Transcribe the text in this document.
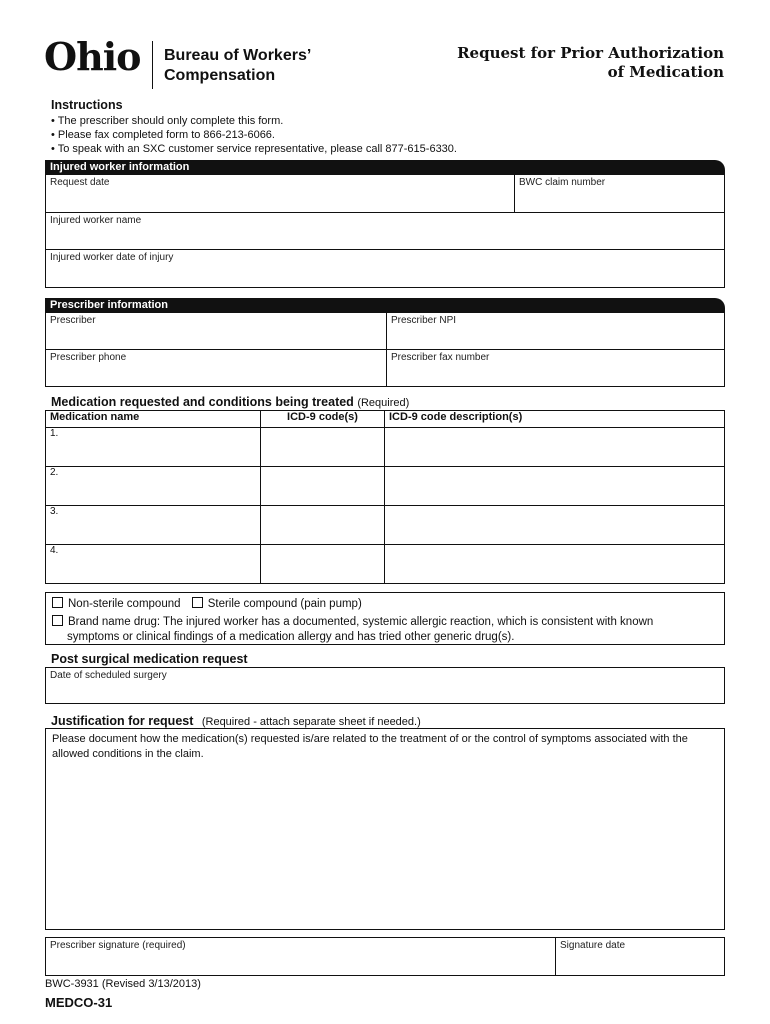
Ohio Bureau of Workers’
Compensation
Request for Prior Authorization
of Medication
Instructions
• The prescriber should only complete this form.
• Please fax completed form to 866-213-6066.
• To speak with an SXC customer service representative, please call 877-615-6330.
Injured worker information
Request date	BWC claim number
Injured worker name
Injured worker date of injury
Prescriber information
Prescriber	Prescriber NPI
Prescriber phone	Prescriber fax number
Medication requested and conditions being treated (Required)
Medication name	ICD-9 code(s)	ICD-9 code description(s)
1.		
2.		
3.		
4.		
Non-sterile compound Sterile compound (pain pump)
Brand name drug: The injured worker has a documented, systemic allergic reaction, which is consistent with known
symptoms or clinical findings of a medication allergy and has tried other generic drug(s).
Post surgical medication request
Date of scheduled surgery
Justification for request (Required - attach separate sheet if needed.)
Please document how the medication(s) requested is/are related to the treatment of or the control of symptoms associated with the allowed conditions in the claim.
Prescriber signature (required)	Signature date
BWC-3931 (Revised 3/13/2013)
MEDCO-31
